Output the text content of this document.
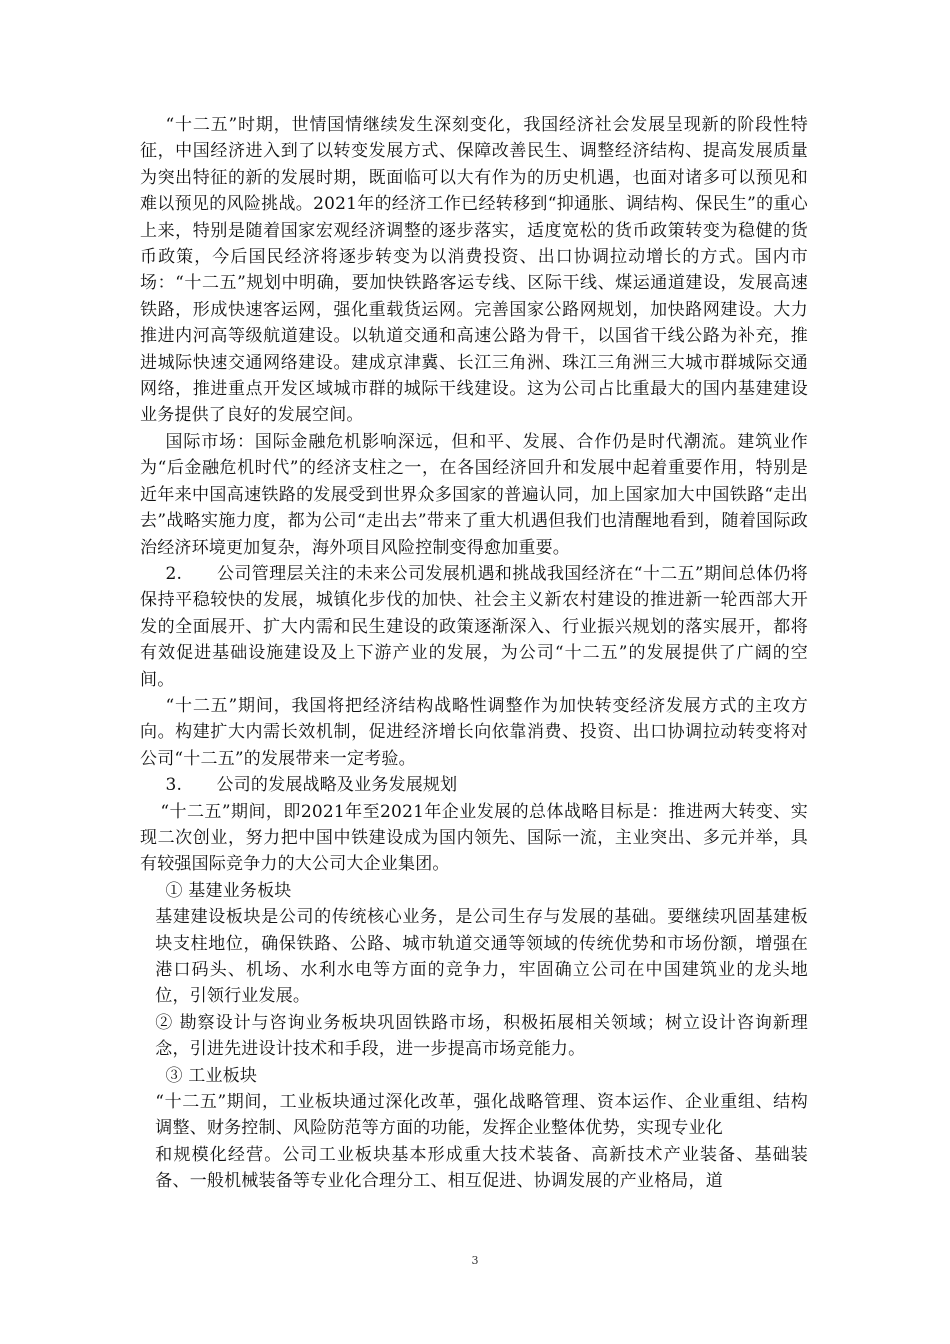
“十二五”时期，世情国情继续发生深刻变化，我国经济社会发展呈现新的阶段性特征，中国经济进入到了以转变发展方式、保障改善民生、调整经济结构、提高发展质量为突出特征的新的发展时期，既面临可以大有作为的历史机遇，也面对诸多可以预见和难以预见的风险挑战。2021年的经济工作已经转移到“抑通胀、调结构、保民生”的重心上来，特别是随着国家宏观经济调整的逐步落实，适度宽松的货币政策转变为稳健的货币政策，今后国民经济将逐步转变为以消费投资、出口协调拉动增长的方式。国内市场：“十二五”规划中明确，要加快铁路客运专线、区际干线、煤运通道建设，发展高速铁路，形成快速客运网，强化重载货运网。完善国家公路网规划，加快路网建设。大力推进内河高等级航道建设。以轨道交通和高速公路为骨干，以国省干线公路为补充，推进城际快速交通网络建设。建成京津冀、长江三角洲、珠江三角洲三大城市群城际交通网络，推进重点开发区域城市群的城际干线建设。这为公司占比重最大的国内基建建设业务提供了良好的发展空间。

国际市场：国际金融危机影响深远，但和平、发展、合作仍是时代潮流。建筑业作为“后金融危机时代”的经济支柱之一，在各国经济回升和发展中起着重要作用，特别是近年来中国高速铁路的发展受到世界众多国家的普遍认同，加上国家加大中国铁路“走出去”战略实施力度，都为公司“走出去”带来了重大机遇但我们也清醒地看到，随着国际政治经济环境更加复杂，海外项目风险控制变得愈加重要。

2.　　公司管理层关注的未来公司发展机遇和挑战我国经济在“十二五”期间总体仍将保持平稳较快的发展，城镇化步伐的加快、社会主义新农村建设的推进新一轮西部大开发的全面展开、扩大内需和民生建设的政策逐渐深入、行业振兴规划的落实展开，都将有效促进基础设施建设及上下游产业的发展，为公司“十二五”的发展提供了广阔的空间。

“十二五”期间，我国将把经济结构战略性调整作为加快转变经济发展方式的主攻方向。构建扩大内需长效机制，促进经济增长向依靠消费、投资、出口协调拉动转变将对公司“十二五”的发展带来一定考验。

3.　　公司的发展战略及业务发展规划

“十二五”期间，即2021年至2021年企业发展的总体战略目标是：推进两大转变、实现二次创业，努力把中国中铁建设成为国内领先、国际一流，主业突出、多元并举，具有较强国际竞争力的大公司大企业集团。

① 基建业务板块

基建建设板块是公司的传统核心业务，是公司生存与发展的基础。要继续巩固基建板块支柱地位，确保铁路、公路、城市轨道交通等领域的传统优势和市场份额，增强在港口码头、机场、水利水电等方面的竞争力，牢固确立公司在中国建筑业的龙头地位，引领行业发展。

② 勘察设计与咨询业务板块巩固铁路市场，积极拓展相关领域；树立设计咨询新理念，引进先进设计技术和手段，进一步提高市场竞能力。

③ 工业板块

“十二五”期间，工业板块通过深化改革，强化战略管理、资本运作、企业重组、结构调整、财务控制、风险防范等方面的功能，发挥企业整体优势，实现专业化

和规模化经营。公司工业板块基本形成重大技术装备、高新技术产业装备、基础装备、一般机械装备等专业化合理分工、相互促进、协调发展的产业格局，道

3
